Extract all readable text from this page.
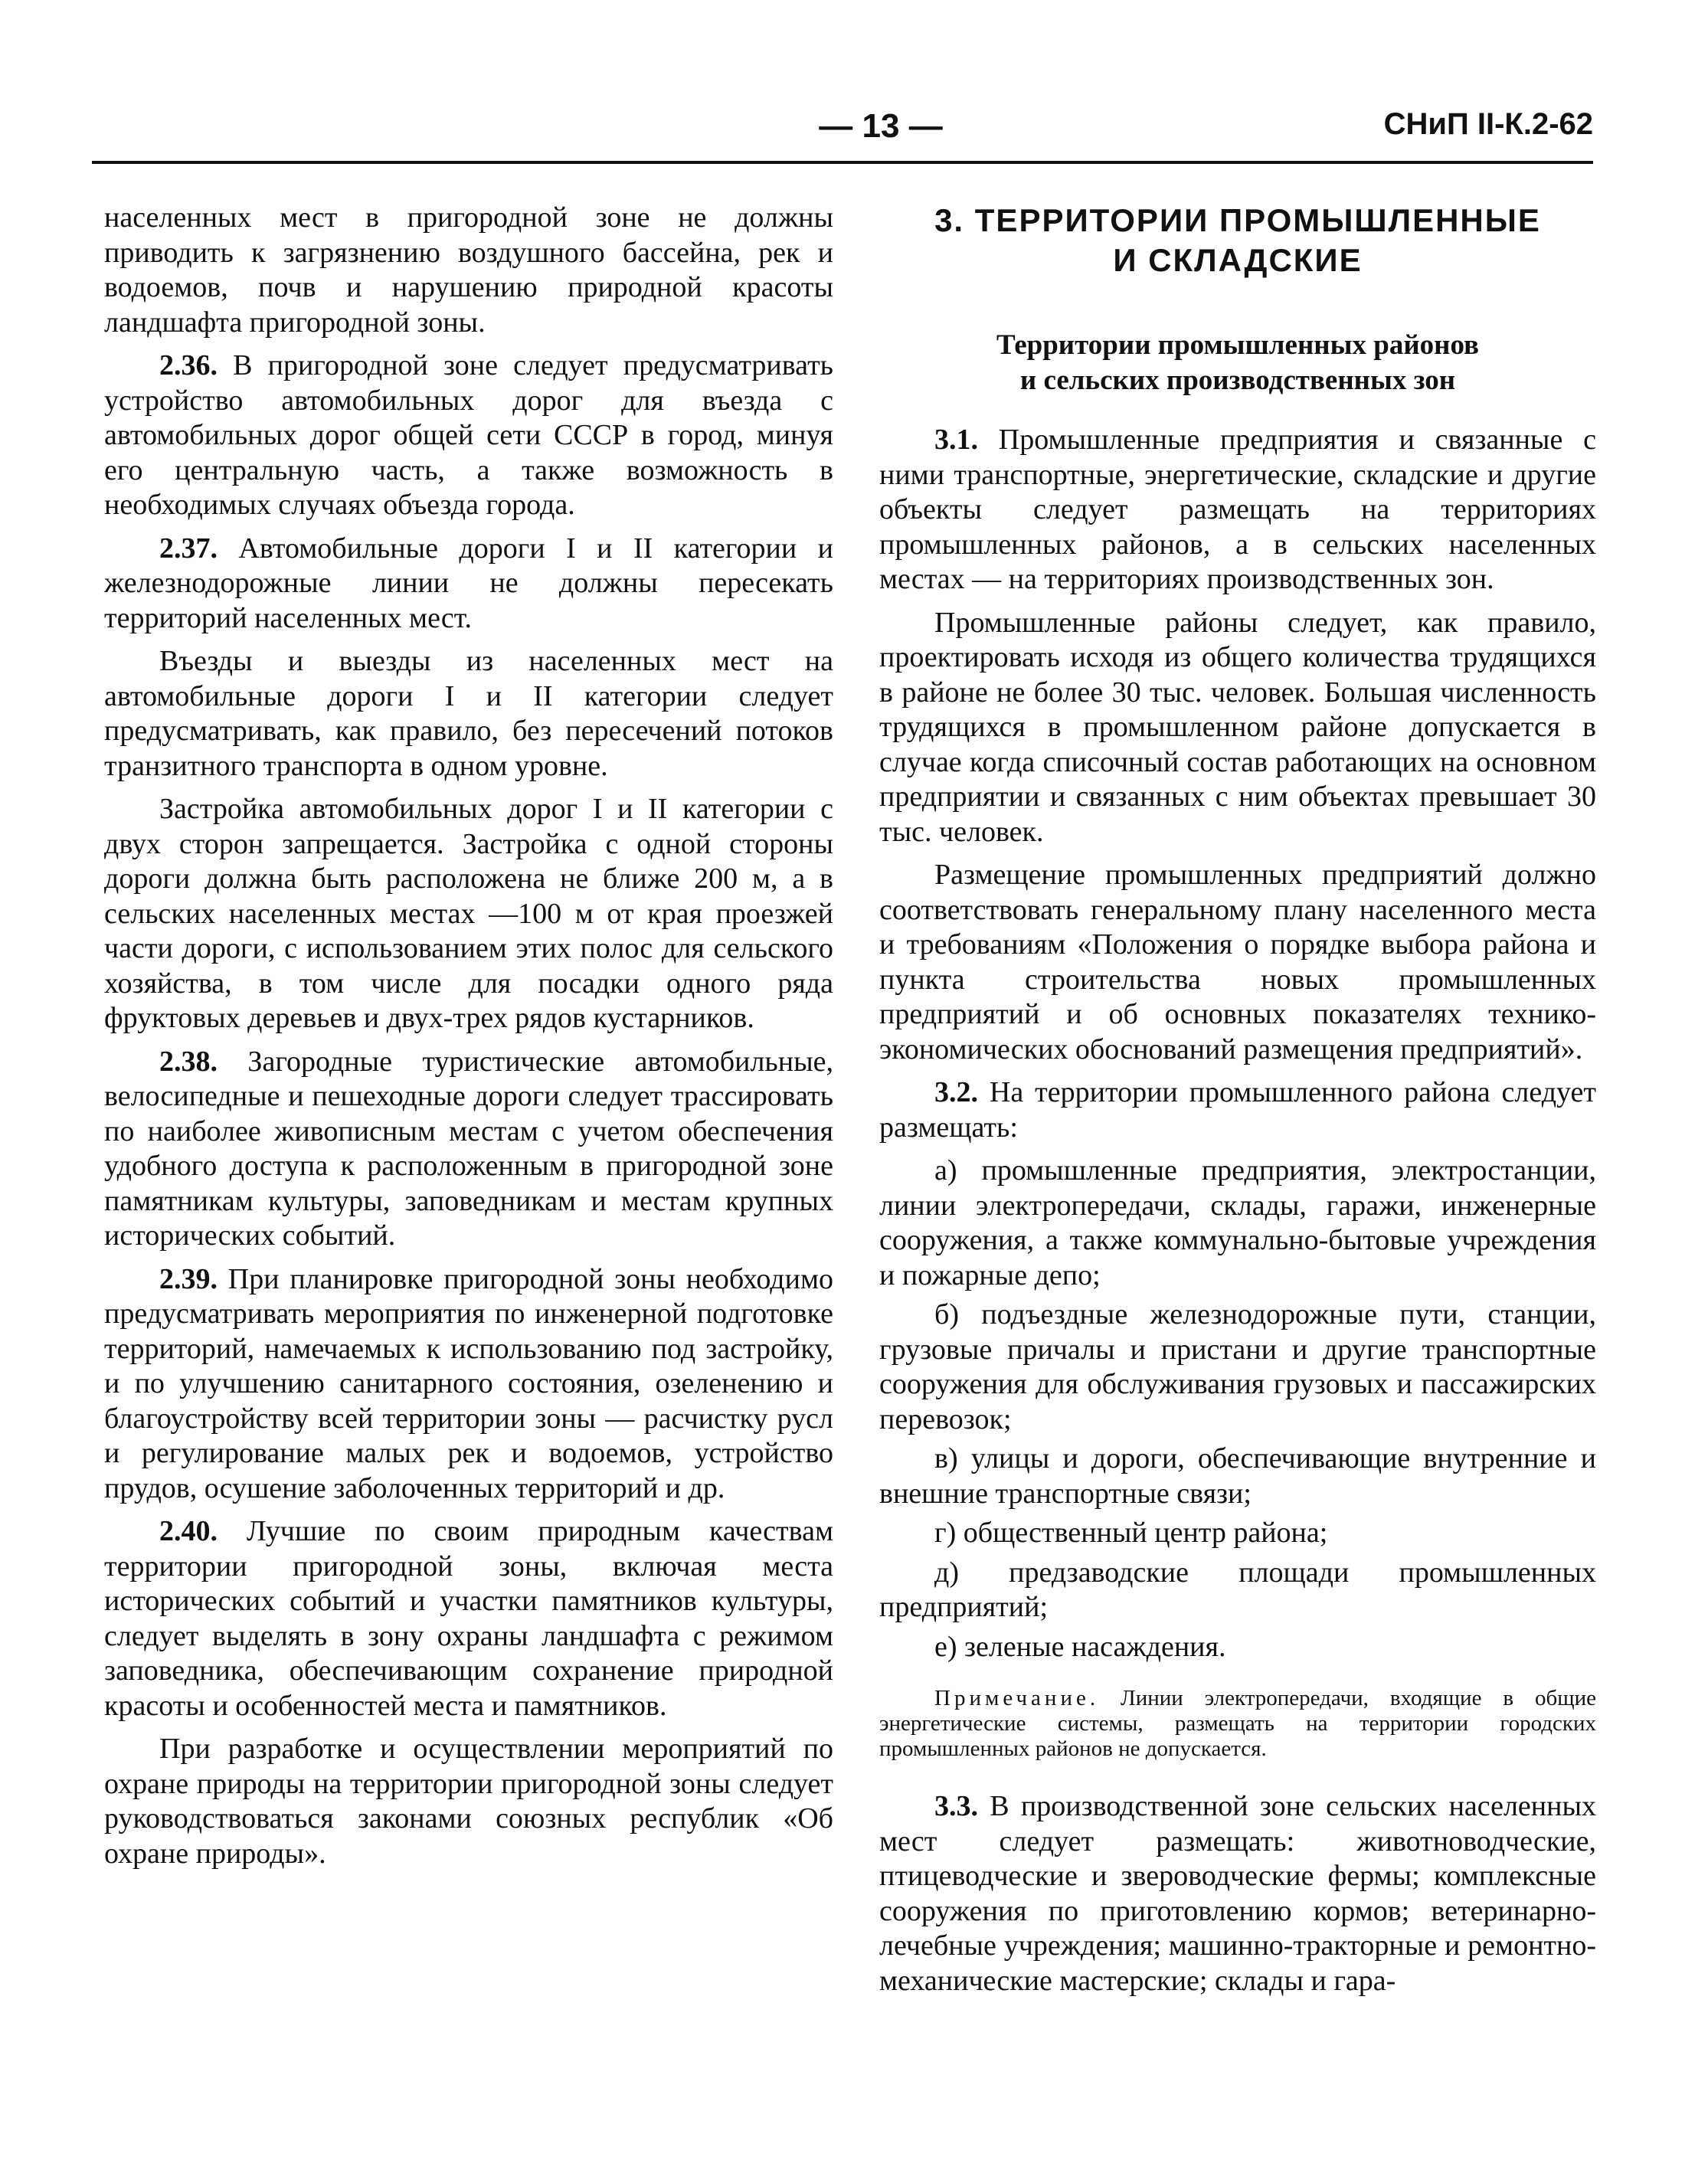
— 13 —	СНиП II-К.2-62

населенных мест в пригородной зоне не должны приводить к загрязнению воздушного бассейна, рек и водоемов, почв и нарушению природной красоты ландшафта пригородной зоны.

2.36. В пригородной зоне следует предусматривать устройство автомобильных дорог для въезда с автомобильных дорог общей сети СССР в город, минуя его центральную часть, а также возможность в необходимых случаях объезда города.

2.37. Автомобильные дороги I и II категории и железнодорожные линии не должны пересекать территорий населенных мест.

Въезды и выезды из населенных мест на автомобильные дороги I и II категории следует предусматривать, как правило, без пересечений потоков транзитного транспорта в одном уровне.

Застройка автомобильных дорог I и II категории с двух сторон запрещается. Застройка с одной стороны дороги должна быть расположена не ближе 200 м, а в сельских населенных местах —100 м от края проезжей части дороги, с использованием этих полос для сельского хозяйства, в том числе для посадки одного ряда фруктовых деревьев и двух-трех рядов кустарников.

2.38. Загородные туристические автомобильные, велосипедные и пешеходные дороги следует трассировать по наиболее живописным местам с учетом обеспечения удобного доступа к расположенным в пригородной зоне памятникам культуры, заповедникам и местам крупных исторических событий.

2.39. При планировке пригородной зоны необходимо предусматривать мероприятия по инженерной подготовке территорий, намечаемых к использованию под застройку, и по улучшению санитарного состояния, озеленению и благоустройству всей территории зоны — расчистку русл и регулирование малых рек и водоемов, устройство прудов, осушение заболоченных территорий и др.

2.40. Лучшие по своим природным качествам территории пригородной зоны, включая места исторических событий и участки памятников культуры, следует выделять в зону охраны ландшафта с режимом заповедника, обеспечивающим сохранение природной красоты и особенностей места и памятников.

При разработке и осуществлении мероприятий по охране природы на территории пригородной зоны следует руководствоваться законами союзных республик «Об охране природы».

3. ТЕРРИТОРИИ ПРОМЫШЛЕННЫЕ
И СКЛАДСКИЕ
Территории промышленных районов
и сельских производственных зон

3.1. Промышленные предприятия и связанные с ними транспортные, энергетические, складские и другие объекты следует размещать на территориях промышленных районов, а в сельских населенных местах — на территориях производственных зон.

Промышленные районы следует, как правило, проектировать исходя из общего количества трудящихся в районе не более 30 тыс. человек. Большая численность трудящихся в промышленном районе допускается в случае когда списочный состав работающих на основном предприятии и связанных с ним объектах превышает 30 тыс. человек.

Размещение промышленных предприятий должно соответствовать генеральному плану населенного места и требованиям «Положения о порядке выбора района и пункта строительства новых промышленных предприятий и об основных показателях технико-экономических обоснований размещения предприятий».

3.2. На территории промышленного района следует размещать:

а) промышленные предприятия, электростанции, линии электропередачи, склады, гаражи, инженерные сооружения, а также коммунально-бытовые учреждения и пожарные депо;

б) подъездные железнодорожные пути, станции, грузовые причалы и пристани и другие транспортные сооружения для обслуживания грузовых и пассажирских перевозок;

в) улицы и дороги, обеспечивающие внутренние и внешние транспортные связи;

г) общественный центр района;

д) предзаводские площади промышленных предприятий;

е) зеленые насаждения.

Примечание. Линии электропередачи, входящие в общие энергетические системы, размещать на территории городских промышленных районов не допускается.

3.3. В производственной зоне сельских населенных мест следует размещать: животноводческие, птицеводческие и звероводческие фермы; комплексные сооружения по приготовлению кормов; ветеринарно-лечебные учреждения; машинно-тракторные и ремонтно-механические мастерские; склады и гара-
